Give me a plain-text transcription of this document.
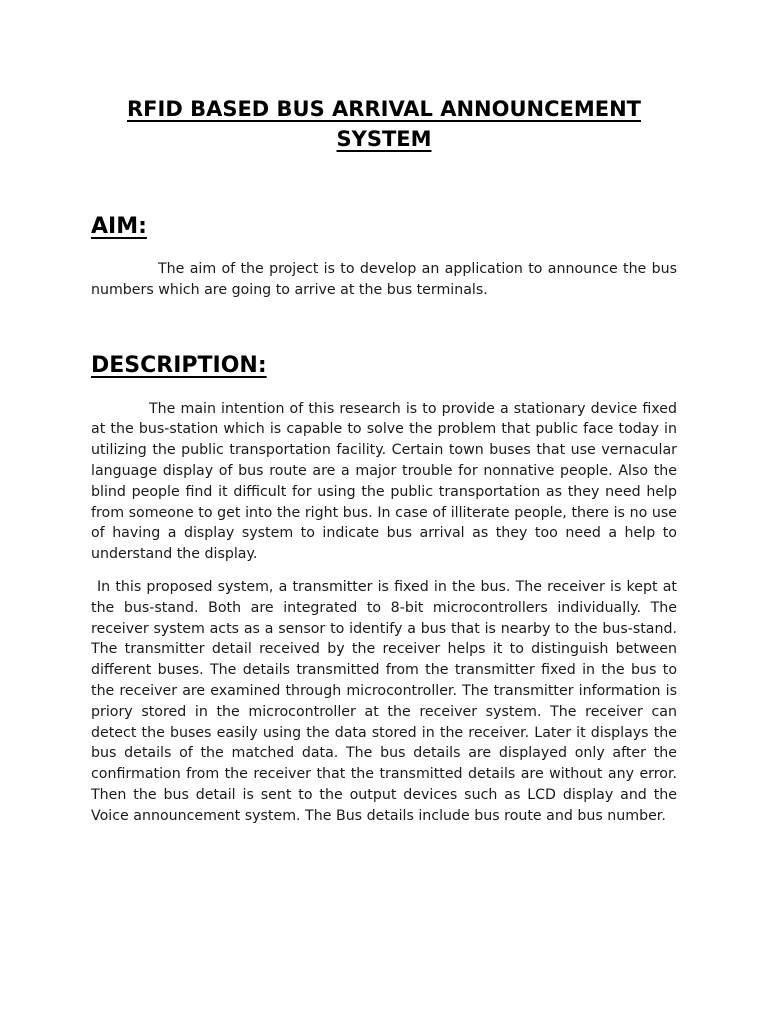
RFID BASED BUS ARRIVAL ANNOUNCEMENT SYSTEM
AIM:

The aim of the project is to develop an application to announce the bus numbers which are going to arrive at the bus terminals.

DESCRIPTION:

The main intention of this research is to provide a stationary device fixed at the bus-station which is capable to solve the problem that public face today in utilizing the public transportation facility. Certain town buses that use vernacular language display of bus route are a major trouble for nonnative people. Also the blind people find it difficult for using the public transportation as they need help from someone to get into the right bus. In case of illiterate people, there is no use of having a display system to indicate bus arrival as they too need a help to understand the display.

In this proposed system, a transmitter is fixed in the bus. The receiver is kept at the bus-stand. Both are integrated to 8-bit microcontrollers individually. The receiver system acts as a sensor to identify a bus that is nearby to the bus-stand. The transmitter detail received by the receiver helps it to distinguish between different buses. The details transmitted from the transmitter fixed in the bus to the receiver are examined through microcontroller. The transmitter information is priory stored in the microcontroller at the receiver system. The receiver can detect the buses easily using the data stored in the receiver. Later it displays the bus details of the matched data. The bus details are displayed only after the confirmation from the receiver that the transmitted details are without any error. Then the bus detail is sent to the output devices such as LCD display and the Voice announcement system. The Bus details include bus route and bus number.
